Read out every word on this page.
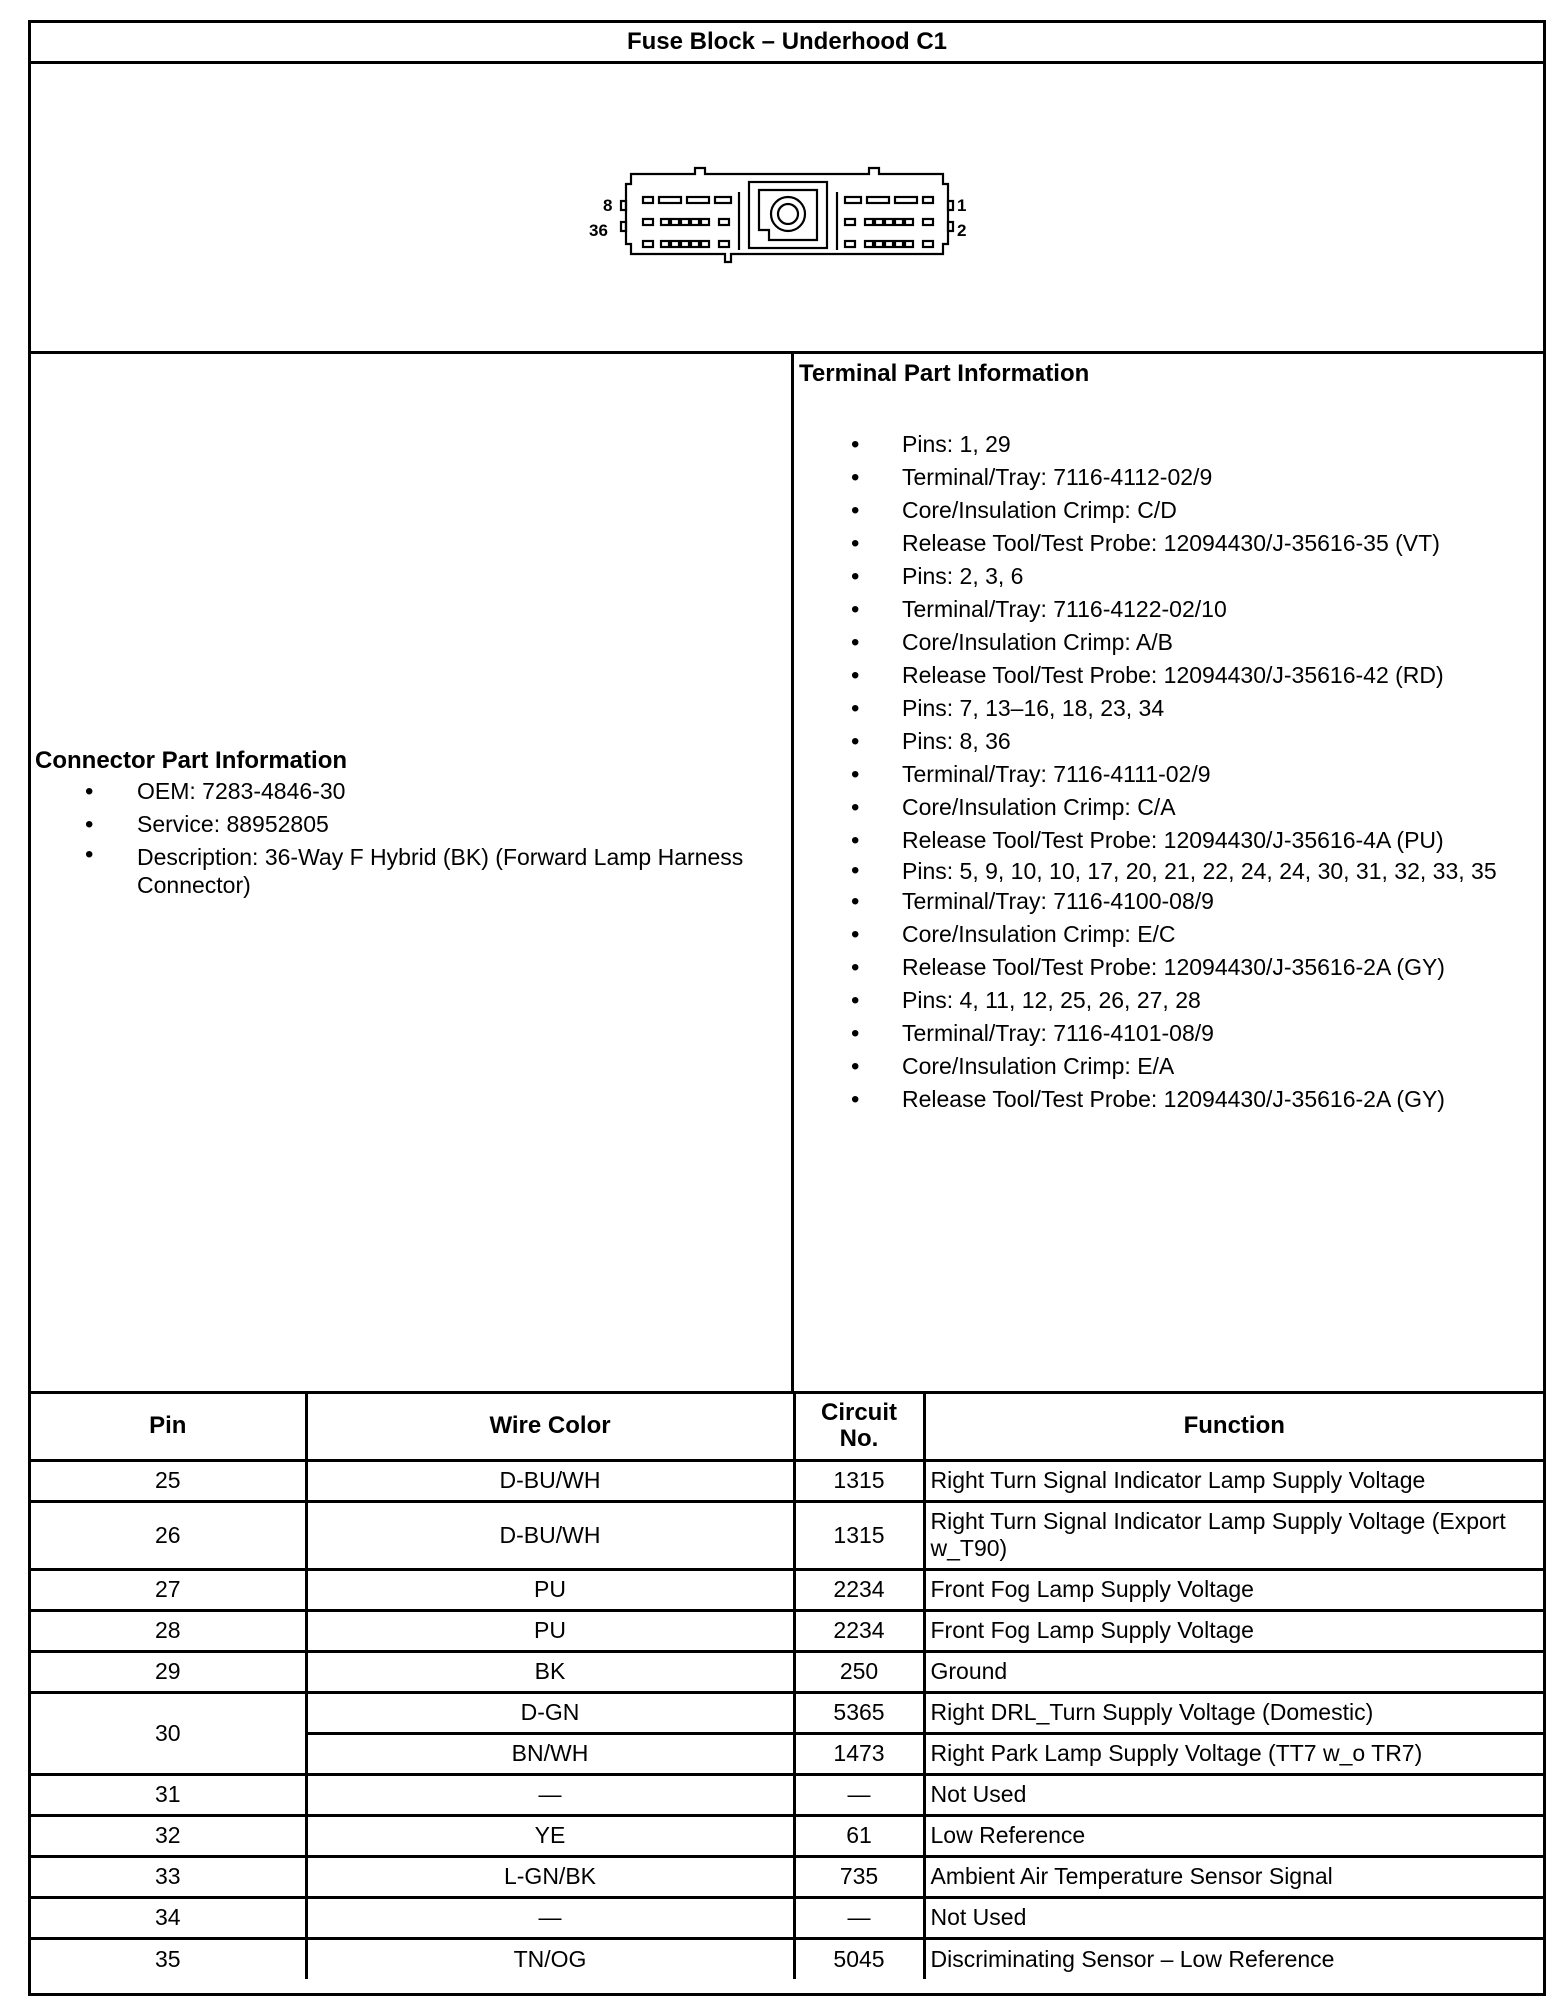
Fuse Block – Underhood C1
8
36
1
2
Connector Part Information
• OEM: 7283-4846-30
• Service: 88952805
• Description: 36-Way F Hybrid (BK) (Forward Lamp Harness Connector)
Terminal Part Information
• Pins: 1, 29
• Terminal/Tray: 7116-4112-02/9
• Core/Insulation Crimp: C/D
• Release Tool/Test Probe: 12094430/J-35616-35 (VT)
• Pins: 2, 3, 6
• Terminal/Tray: 7116-4122-02/10
• Core/Insulation Crimp: A/B
• Release Tool/Test Probe: 12094430/J-35616-42 (RD)
• Pins: 7, 13–16, 18, 23, 34
• Pins: 8, 36
• Terminal/Tray: 7116-4111-02/9
• Core/Insulation Crimp: C/A
• Release Tool/Test Probe: 12094430/J-35616-4A (PU)
• Pins: 5, 9, 10, 10, 17, 20, 21, 22, 24, 24, 30, 31, 32, 33, 35
• Terminal/Tray: 7116-4100-08/9
• Core/Insulation Crimp: E/C
• Release Tool/Test Probe: 12094430/J-35616-2A (GY)
• Pins: 4, 11, 12, 25, 26, 27, 28
• Terminal/Tray: 7116-4101-08/9
• Core/Insulation Crimp: E/A
• Release Tool/Test Probe: 12094430/J-35616-2A (GY)
Pin	Wire Color	Circuit No.	Function
25	D-BU/WH	1315	Right Turn Signal Indicator Lamp Supply Voltage
26	D-BU/WH	1315	Right Turn Signal Indicator Lamp Supply Voltage (Export w_T90)
27	PU	2234	Front Fog Lamp Supply Voltage
28	PU	2234	Front Fog Lamp Supply Voltage
29	BK	250	Ground
30	D-GN	5365	Right DRL_Turn Supply Voltage (Domestic)
	BN/WH	1473	Right Park Lamp Supply Voltage (TT7 w_o TR7)
31	—	—	Not Used
32	YE	61	Low Reference
33	L-GN/BK	735	Ambient Air Temperature Sensor Signal
34	—	—	Not Used
35	TN/OG	5045	Discriminating Sensor – Low Reference
